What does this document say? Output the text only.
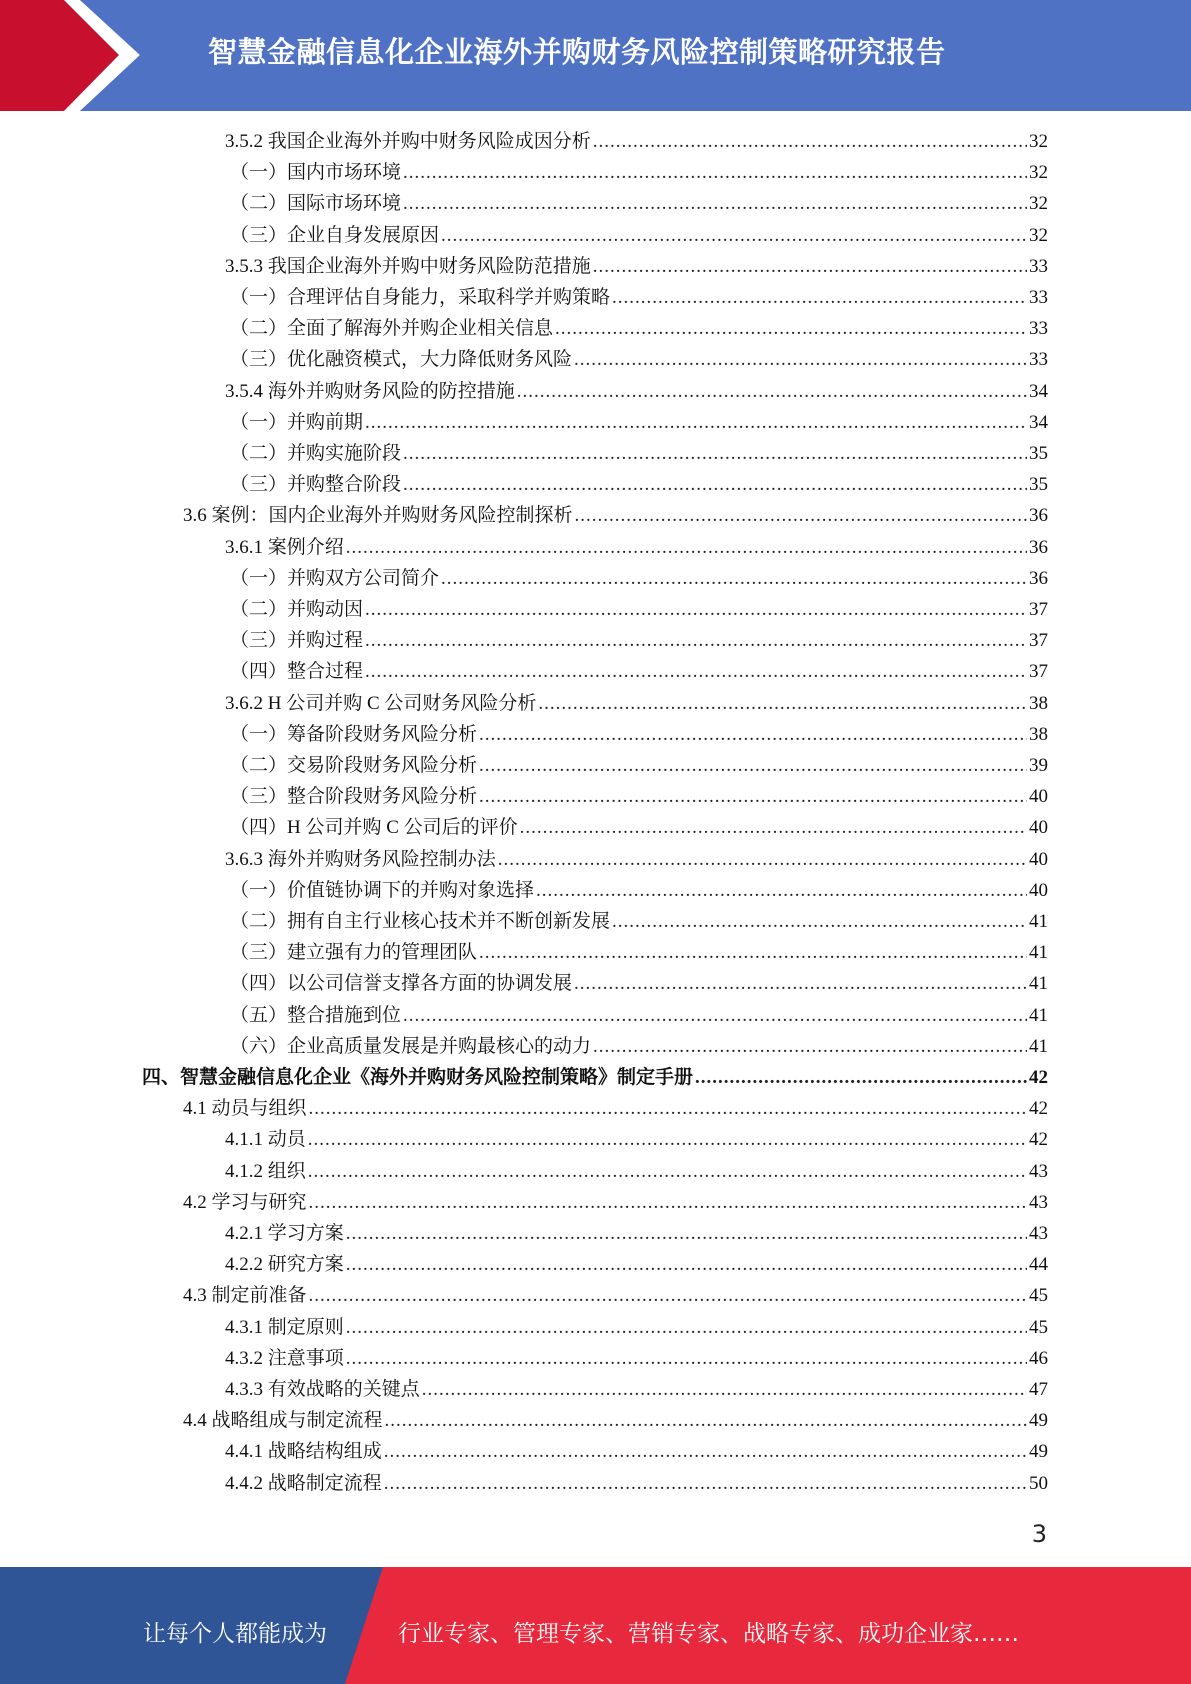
智慧金融信息化企业海外并购财务风险控制策略研究报告
3.5.2 我国企业海外并购中财务风险成因分析 .....	32
（一）国内市场环境 .....	32
（二）国际市场环境 .....	32
（三）企业自身发展原因 .....	32
3.5.3 我国企业海外并购中财务风险防范措施 .....	33
（一）合理评估自身能力，采取科学并购策略 .....	33
（二）全面了解海外并购企业相关信息 .....	33
（三）优化融资模式，大力降低财务风险 .....	33
3.5.4 海外并购财务风险的防控措施 .....	34
（一）并购前期 .....	34
（二）并购实施阶段 .....	35
（三）并购整合阶段 .....	35
3.6 案例：国内企业海外并购财务风险控制探析 .....	36
3.6.1 案例介绍 .....	36
（一）并购双方公司简介 .....	36
（二）并购动因 .....	37
（三）并购过程 .....	37
（四）整合过程 .....	37
3.6.2 H 公司并购 C 公司财务风险分析 .....	38
（一）筹备阶段财务风险分析 .....	38
（二）交易阶段财务风险分析 .....	39
（三）整合阶段财务风险分析 .....	40
（四）H 公司并购 C 公司后的评价 .....	40
3.6.3 海外并购财务风险控制办法 .....	40
（一）价值链协调下的并购对象选择 .....	40
（二）拥有自主行业核心技术并不断创新发展 .....	41
（三）建立强有力的管理团队 .....	41
（四）以公司信誉支撑各方面的协调发展 .....	41
（五）整合措施到位 .....	41
（六）企业高质量发展是并购最核心的动力 .....	41
四、智慧金融信息化企业《海外并购财务风险控制策略》制定手册 .....	42
4.1 动员与组织 .....	42
4.1.1 动员 .....	42
4.1.2 组织 .....	43
4.2 学习与研究 .....	43
4.2.1 学习方案 .....	43
4.2.2 研究方案 .....	44
4.3 制定前准备 .....	45
4.3.1 制定原则 .....	45
4.3.2 注意事项 .....	46
4.3.3 有效战略的关键点 .....	47
4.4 战略组成与制定流程 .....	49
4.4.1 战略结构组成 .....	49
4.4.2 战略制定流程 .....	50
3
让每个人都能成为	行业专家、管理专家、营销专家、战略专家、成功企业家……
